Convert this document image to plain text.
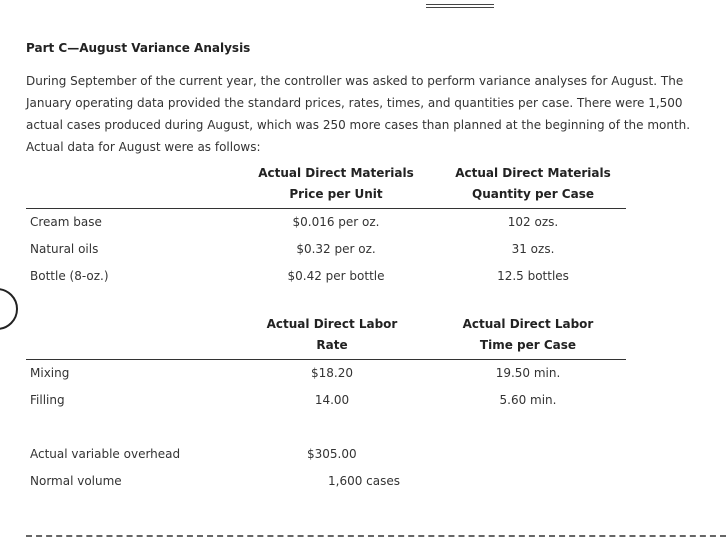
Part C—August Variance Analysis
During September of the current year, the controller was asked to perform variance analyses for August. The
January operating data provided the standard prices, rates, times, and quantities per case. There were 1,500
actual cases produced during August, which was 250 more cases than planned at the beginning of the month.
Actual data for August were as follows:
Actual Direct Materials
Price per Unit
Actual Direct Materials
Quantity per Case
Cream base	$0.016 per oz.	102 ozs.
Natural oils	$0.32 per oz.	31 ozs.
Bottle (8-oz.)	$0.42 per bottle	12.5 bottles
Actual Direct Labor
Rate
Actual Direct Labor
Time per Case
Mixing	$18.20	19.50 min.
Filling	14.00	5.60 min.
Actual variable overhead	$305.00
Normal volume	1,600 cases
